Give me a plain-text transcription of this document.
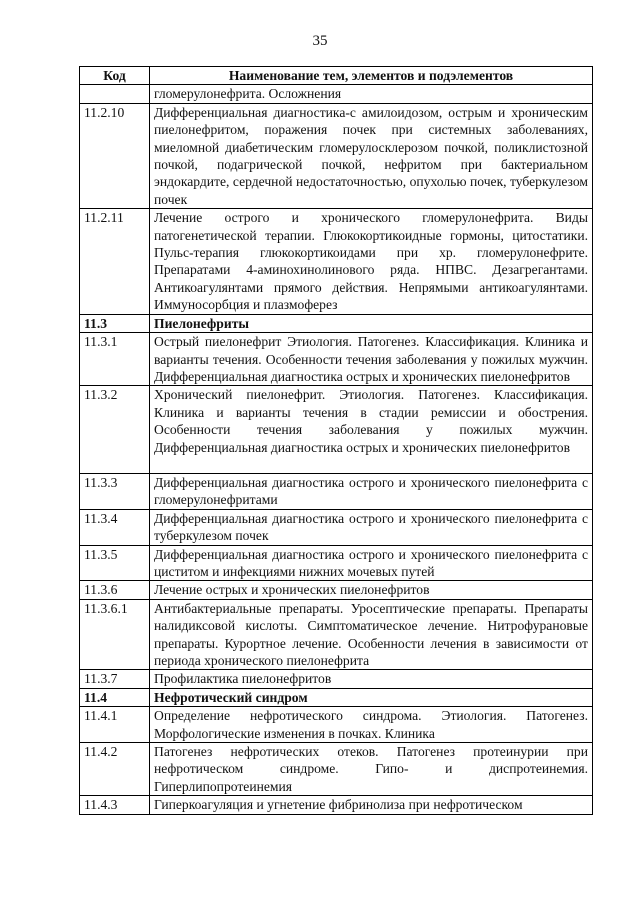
35
Код	Наименование тем, элементов и подэлементов
	гломерулонефрита. Осложнения
11.2.10	Дифференциальная диагностика-с амилоидозом, острым и хроническим пиелонефритом, поражения почек при системных заболеваниях, миеломной диабетическим гломерулосклерозом почкой, поликлистозной почкой, подагрической почкой, нефритом при бактериальном эндокардите, сердечной недостаточностью, опухолью почек, туберкулезом почек
11.2.11	Лечение острого и хронического гломерулонефрита. Виды патогенетической терапии. Глюкокортикоидные гормоны, цитостатики. Пульс-терапия глюкокортикоидами при хр. гломерулонефрите. Препаратами 4-аминохинолинового ряда. НПВС. Дезагрегантами. Антикоагулянтами прямого действия. Непрямыми антикоагулянтами. Иммуносорбция и плазмоферез
11.3	Пиелонефриты
11.3.1	Острый пиелонефрит Этиология. Патогенез. Классификация. Клиника и варианты течения. Особенности течения заболевания у пожилых мужчин. Дифференциальная диагностика острых и хронических пиелонефритов
11.3.2	Хронический пиелонефрит. Этиология. Патогенез. Классификация. Клиника и варианты течения в стадии ремиссии и обострения. Особенности течения заболевания у пожилых мужчин. Дифференциальная диагностика острых и хронических пиелонефритов
11.3.3	Дифференциальная диагностика острого и хронического пиелонефрита с гломерулонефритами
11.3.4	Дифференциальная диагностика острого и хронического пиелонефрита с туберкулезом почек
11.3.5	Дифференциальная диагностика острого и хронического пиелонефрита с циститом и инфекциями нижних мочевых путей
11.3.6	Лечение острых и хронических пиелонефритов
11.3.6.1	Антибактериальные препараты. Уросептические препараты. Препараты налидиксовой кислоты. Симптоматическое лечение. Нитрофурановые препараты. Курортное лечение. Особенности лечения в зависимости от периода хронического пиелонефрита
11.3.7	Профилактика пиелонефритов
11.4	Нефротический синдром
11.4.1	Определение нефротического синдрома. Этиология. Патогенез. Морфологические изменения в почках. Клиника
11.4.2	Патогенез нефротических отеков. Патогенез протеинурии при нефротическом синдроме. Гипо- и диспротеинемия. Гиперлипопротеинемия
11.4.3	Гиперкоагуляция и угнетение фибринолиза при нефротическом
